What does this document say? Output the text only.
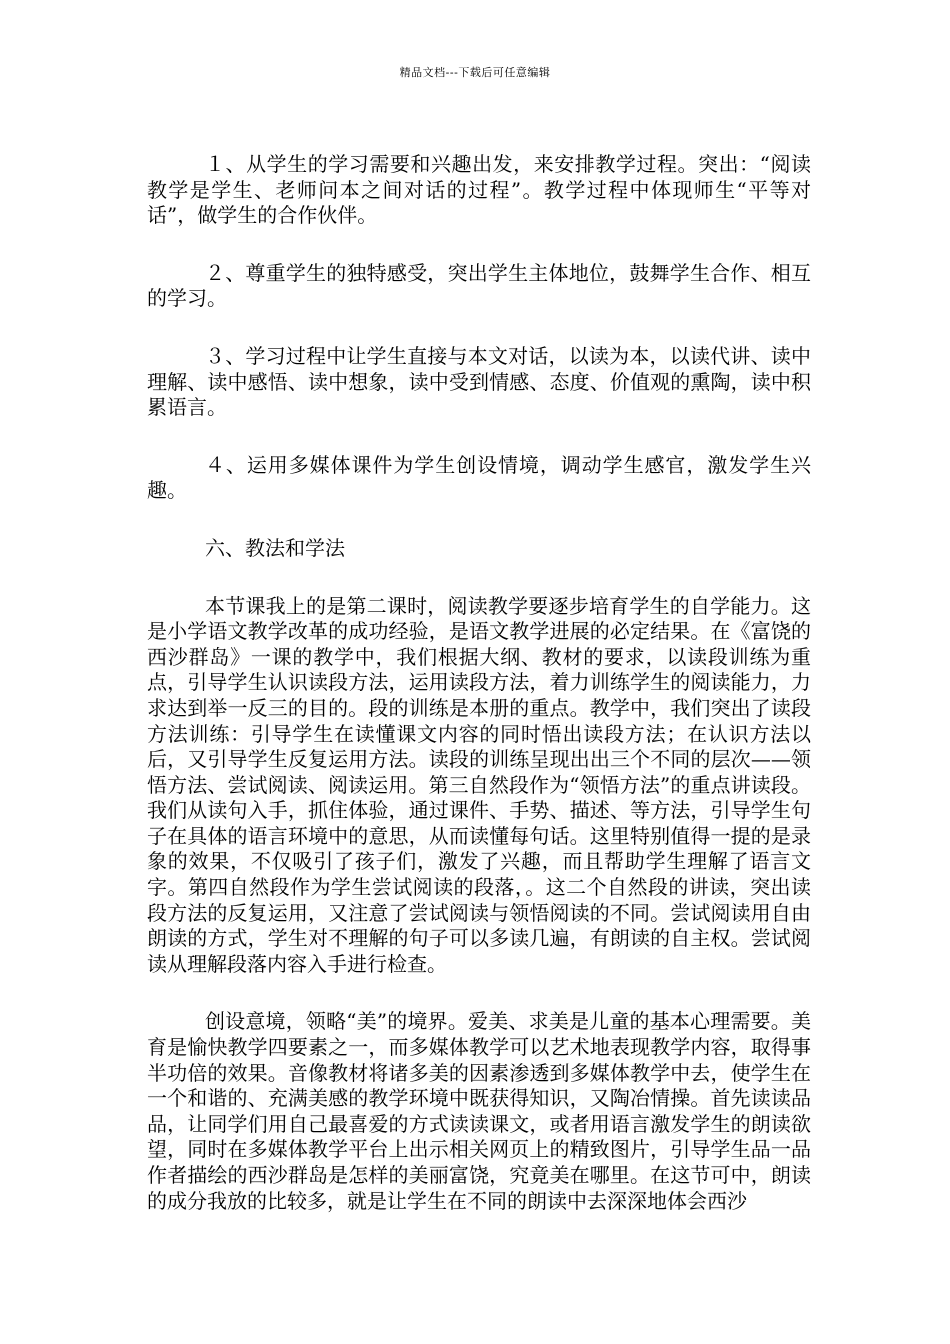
精品文档---下载后可任意编辑

１、从学生的学习需要和兴趣出发，来安排教学过程。突出：“阅读教学是学生、老师问本之间对话的过程”。教学过程中体现师生“平等对话”，做学生的合作伙伴。

２、尊重学生的独特感受，突出学生主体地位，鼓舞学生合作、相互的学习。

３、学习过程中让学生直接与本文对话，以读为本，以读代讲、读中理解、读中感悟、读中想象，读中受到情感、态度、价值观的熏陶，读中积累语言。

４、运用多媒体课件为学生创设情境，调动学生感官，激发学生兴趣。

六、教法和学法

本节课我上的是第二课时，阅读教学要逐步培育学生的自学能力。这是小学语文教学改革的成功经验，是语文教学进展的必定结果。在《富饶的西沙群岛》一课的教学中，我们根据大纲、教材的要求，以读段训练为重点，引导学生认识读段方法，运用读段方法，着力训练学生的阅读能力，力求达到举一反三的目的。段的训练是本册的重点。教学中，我们突出了读段方法训练：引导学生在读懂课文内容的同时悟出读段方法；在认识方法以后，又引导学生反复运用方法。读段的训练呈现出出三个不同的层次——领悟方法、尝试阅读、阅读运用。第三自然段作为“领悟方法”的重点讲读段。我们从读句入手，抓住体验，通过课件、手势、描述、等方法，引导学生句子在具体的语言环境中的意思，从而读懂每句话。这里特别值得一提的是录象的效果，不仅吸引了孩子们，激发了兴趣，而且帮助学生理解了语言文字。第四自然段作为学生尝试阅读的段落，。这二个自然段的讲读，突出读段方法的反复运用，又注意了尝试阅读与领悟阅读的不同。尝试阅读用自由朗读的方式，学生对不理解的句子可以多读几遍，有朗读的自主权。尝试阅读从理解段落内容入手进行检查。

创设意境，领略“美”的境界。爱美、求美是儿童的基本心理需要。美育是愉快教学四要素之一，而多媒体教学可以艺术地表现教学内容，取得事半功倍的效果。音像教材将诸多美的因素渗透到多媒体教学中去，使学生在一个和谐的、充满美感的教学环境中既获得知识，又陶冶情操。首先读读品品，让同学们用自己最喜爱的方式读读课文，或者用语言激发学生的朗读欲望，同时在多媒体教学平台上出示相关网页上的精致图片，引导学生品一品作者描绘的西沙群岛是怎样的美丽富饶，究竟美在哪里。在这节可中，朗读的成分我放的比较多，就是让学生在不同的朗读中去深深地体会西沙
